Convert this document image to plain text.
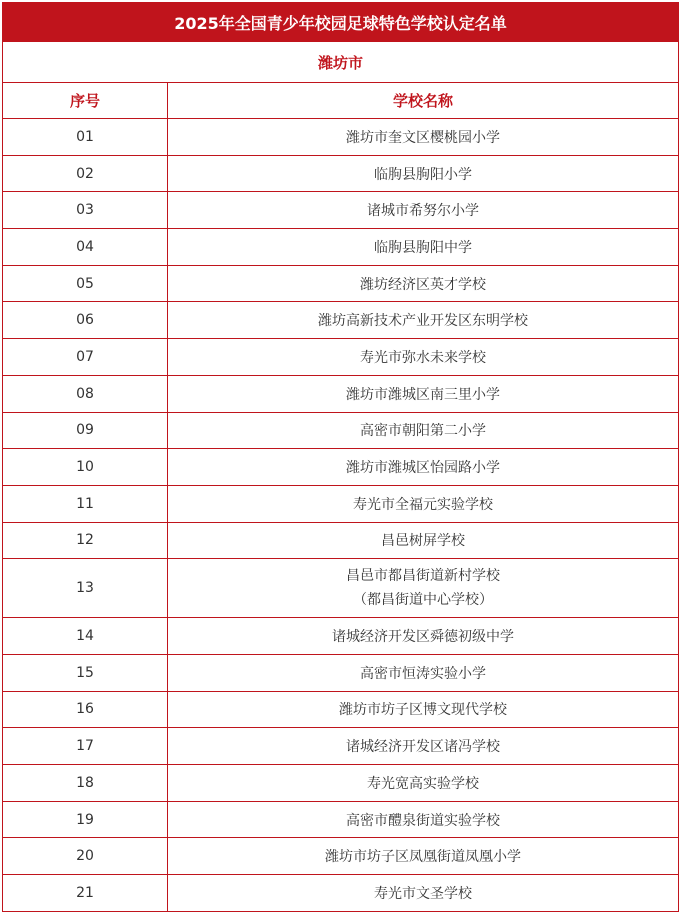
2025年全国青少年校园足球特色学校认定名单	
潍坊市	
序号	学校名称
01	潍坊市奎文区樱桃园小学
02	临朐县朐阳小学
03	诸城市希努尔小学
04	临朐县朐阳中学
05	潍坊经济区英才学校
06	潍坊高新技术产业开发区东明学校
07	寿光市弥水未来学校
08	潍坊市潍城区南三里小学
09	高密市朝阳第二小学
10	潍坊市潍城区怡园路小学
11	寿光市全福元实验学校
12	昌邑树屏学校
13	昌邑市都昌街道新村学校
（都昌街道中心学校）

14	诸城经济开发区舜德初级中学
15	高密市恒涛实验小学
16	潍坊市坊子区博文现代学校
17	诸城经济开发区诸冯学校
18	寿光宽高实验学校
19	高密市醴泉街道实验学校
20	潍坊市坊子区凤凰街道凤凰小学
21	寿光市文圣学校
